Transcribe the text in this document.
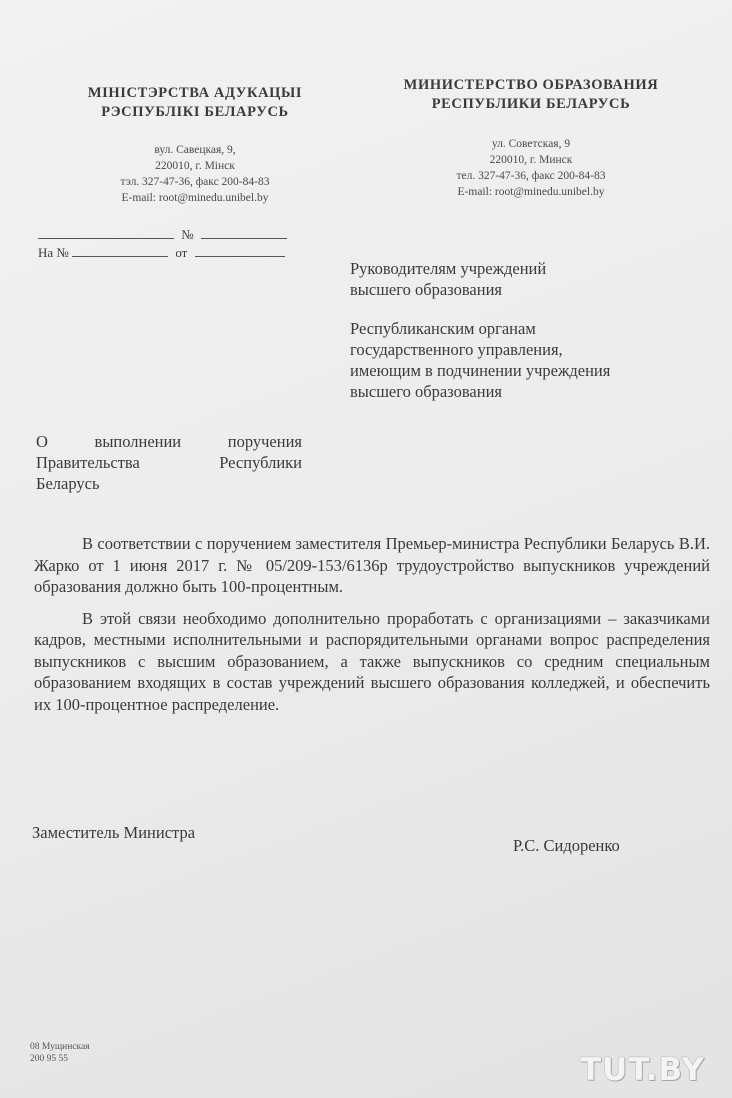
МІНІСТЭРСТВА АДУКАЦЫІ
РЭСПУБЛІКІ БЕЛАРУСЬ
вул. Савецкая, 9,
220010, г. Мінск
тэл. 327-47-36, факс 200-84-83
E-mail: root@minedu.unibel.by
МИНИСТЕРСТВО ОБРАЗОВАНИЯ
РЕСПУБЛИКИ БЕЛАРУСЬ
ул. Советская, 9
220010, г. Минск
тел. 327-47-36, факс 200-84-83
E-mail: root@minedu.unibel.by
№
На №	от
Руководителям учреждений
высшего образования
Республиканским органам
государственного управления,
имеющим в подчинении учреждения
высшего образования
О выполнении поручения
Правительства Республики
Беларусь
В соответствии с поручением заместителя Премьер-министра Республики Беларусь В.И. Жарко от 1 июня 2017 г. № 05/209-153/6136р трудоустройство выпускников учреждений образования должно быть 100-процентным.
В этой связи необходимо дополнительно проработать с организациями – заказчиками кадров, местными исполнительными и распорядительными органами вопрос распределения выпускников с высшим образованием, а также выпускников со средним специальным образованием входящих в состав учреждений высшего образования колледжей, и обеспечить их 100-процентное распределение.
Заместитель Министра
Р.С. Сидоренко
08 Мущинская
200 95 55	TUT.BY
